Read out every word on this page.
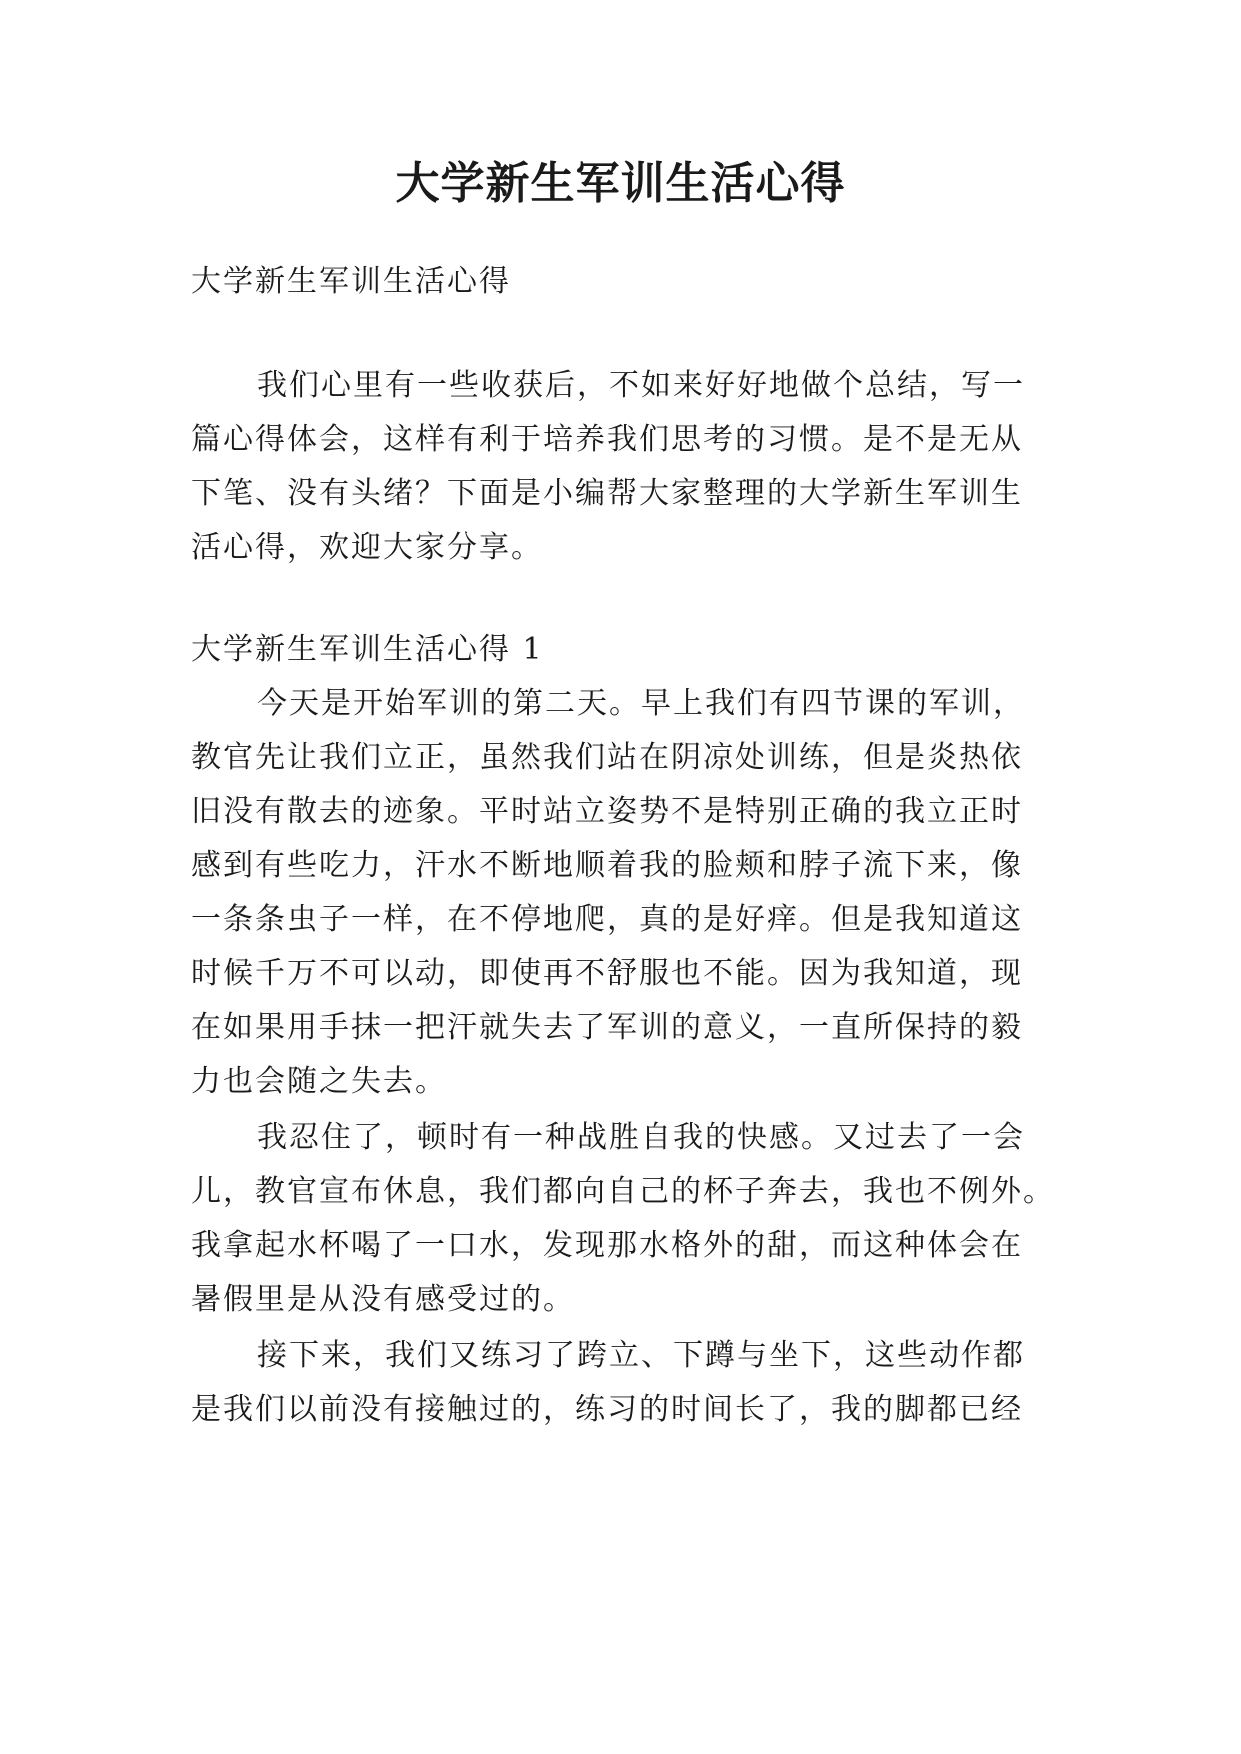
大学新生军训生活心得

大学新生军训生活心得

我们心里有一些收获后，不如来好好地做个总结，写一

篇心得体会，这样有利于培养我们思考的习惯。是不是无从

下笔、没有头绪？下面是小编帮大家整理的大学新生军训生

活心得，欢迎大家分享。

大学新生军训生活心得 1

今天是开始军训的第二天。早上我们有四节课的军训，

教官先让我们立正，虽然我们站在阴凉处训练，但是炎热依

旧没有散去的迹象。平时站立姿势不是特别正确的我立正时

感到有些吃力，汗水不断地顺着我的脸颊和脖子流下来，像

一条条虫子一样，在不停地爬，真的是好痒。但是我知道这

时候千万不可以动，即使再不舒服也不能。因为我知道，现

在如果用手抹一把汗就失去了军训的意义，一直所保持的毅

力也会随之失去。

我忍住了，顿时有一种战胜自我的快感。又过去了一会

儿，教官宣布休息，我们都向自己的杯子奔去，我也不例外。

我拿起水杯喝了一口水，发现那水格外的甜，而这种体会在

暑假里是从没有感受过的。

接下来，我们又练习了跨立、下蹲与坐下，这些动作都

是我们以前没有接触过的，练习的时间长了，我的脚都已经
